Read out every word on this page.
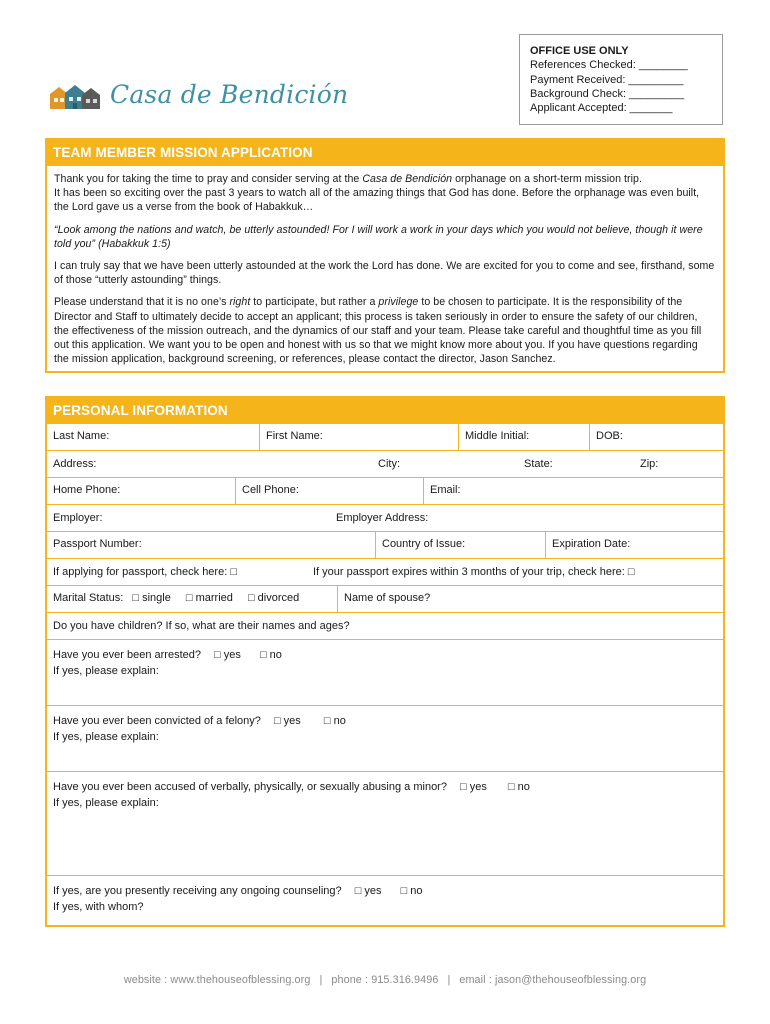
OFFICE USE ONLY
References Checked: ________
Payment Received: _________
Background Check: _________
Applicant Accepted: _______
Casa de Bendición
TEAM MEMBER MISSION APPLICATION

Thank you for taking the time to pray and consider serving at the Casa de Bendición orphanage on a short-term mission trip.
It has been so exciting over the past 3 years to watch all of the amazing things that God has done. Before the orphanage was even built, the Lord gave us a verse from the book of Habakkuk…

“Look among the nations and watch, be utterly astounded! For I will work a work in your days which you would not believe, though it were told you” (Habakkuk 1:5)

I can truly say that we have been utterly astounded at the work the Lord has done. We are excited for you to come and see, firsthand, some of those “utterly astounding” things.

Please understand that it is no one’s right to participate, but rather a privilege to be chosen to participate. It is the responsibility of the Director and Staff to ultimately decide to accept an applicant; this process is taken seriously in order to ensure the safety of our children, the effectiveness of the mission outreach, and the dynamics of our staff and your team. Please take careful and thoughtful time as you fill out this application. We want you to be open and honest with us so that we might know more about you. If you have questions regarding the mission application, background screening, or references, please contact the director, Jason Sanchez.

PERSONAL INFORMATION
Last Name:	First Name:	Middle Initial:	DOB:
Address:	City:	State:	Zip:
Home Phone:	Cell Phone:	Email:
Employer:	Employer Address:
Passport Number:	Country of Issue:	Expiration Date:
If applying for passport, check here: □	If your passport expires within 3 months of your trip, check here: □
Marital Status: □ single □ married □ divorced	Name of spouse?
Do you have children? If so, what are their names and ages?
Have you ever been arrested? □ yes □ no
If yes, please explain:
Have you ever been convicted of a felony? □ yes □ no
If yes, please explain:
Have you ever been accused of verbally, physically, or sexually abusing a minor? □ yes □ no
If yes, please explain:
If yes, are you presently receiving any ongoing counseling? □ yes □ no
If yes, with whom?
website : www.thehouseofblessing.org | phone : 915.316.9496 | email : jason@thehouseofblessing.org
